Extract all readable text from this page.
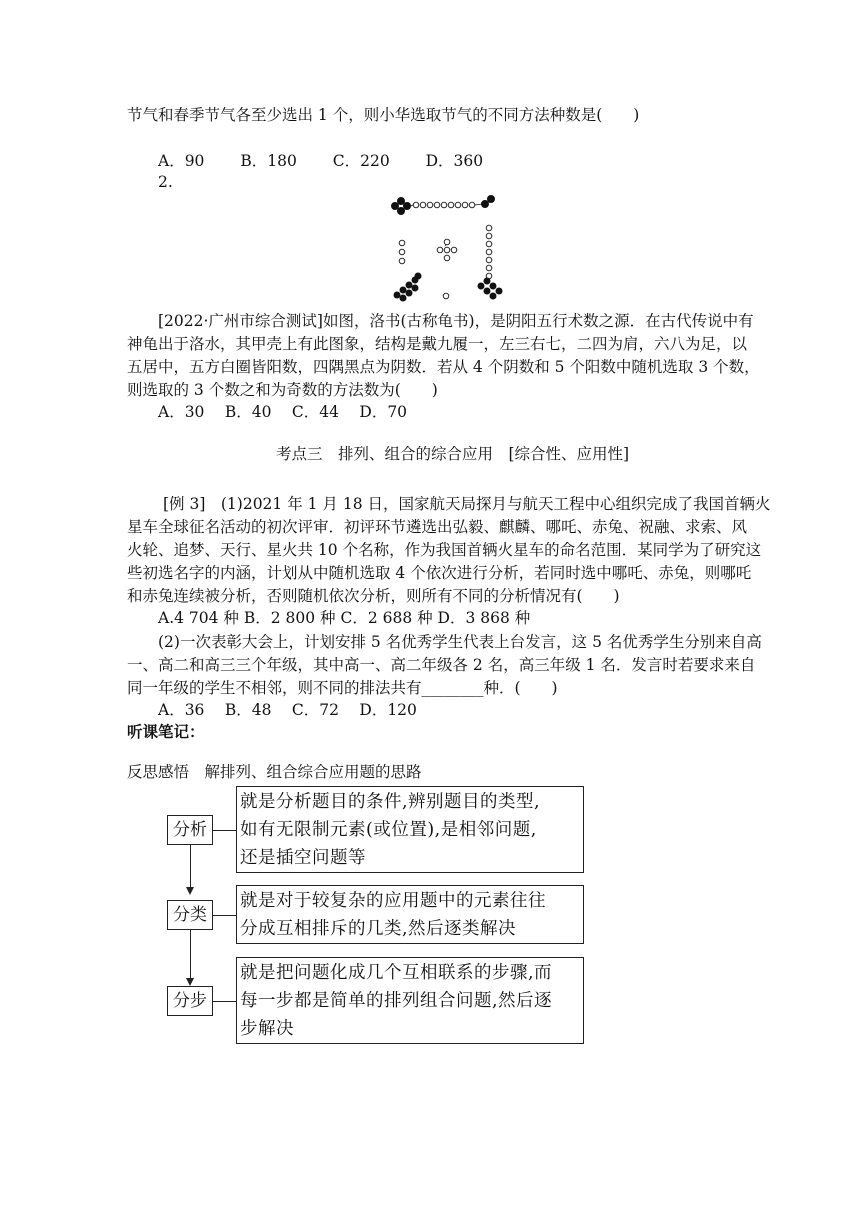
节气和春季节气各至少选出 1 个，则小华选取节气的不同方法种数是(　　)
A．90　　 B．180　　 C．220　　 D．360
2.
[2022·广州市综合测试]如图，洛书(古称龟书)，是阴阳五行术数之源．在古代传说中有
神龟出于洛水，其甲壳上有此图象，结构是戴九履一，左三右七，二四为肩，六八为足，以
五居中，五方白圈皆阳数，四隅黑点为阴数．若从 4 个阴数和 5 个阳数中随机选取 3 个数，
则选取的 3 个数之和为奇数的方法数为(　　)
A．30　 B．40　 C．44　 D．70
考点三　排列、组合的综合应用　[综合性、应用性]
[例 3]　(1)2021 年 1 月 18 日，国家航天局探月与航天工程中心组织完成了我国首辆火
星车全球征名活动的初次评审．初评环节遴选出弘毅、麒麟、哪吒、赤兔、祝融、求索、风
火轮、追梦、天行、星火共 10 个名称，作为我国首辆火星车的命名范围．某同学为了研究这
些初选名字的内涵，计划从中随机选取 4 个依次进行分析，若同时选中哪吒、赤兔，则哪吒
和赤兔连续被分析，否则随机依次分析，则所有不同的分析情况有(　　)
A.4 704 种 B．2 800 种 C．2 688 种 D．3 868 种
(2)一次表彰大会上，计划安排 5 名优秀学生代表上台发言，这 5 名优秀学生分别来自高
一、高二和高三三个年级，其中高一、高二年级各 2 名，高三年级 1 名．发言时若要求来自
同一年级的学生不相邻，则不同的排法共有________种．(　　)
A．36　 B．48　 C．72　 D．120
听课笔记：
反思感悟　解排列、组合综合应用题的思路
分析
就是分析题目的条件,辨别题目的类型,
如有无限制元素(或位置),是相邻问题,
还是插空问题等
分类
就是对于较复杂的应用题中的元素往往
分成互相排斥的几类,然后逐类解决
分步
就是把问题化成几个互相联系的步骤,而
每一步都是简单的排列组合问题,然后逐
步解决
